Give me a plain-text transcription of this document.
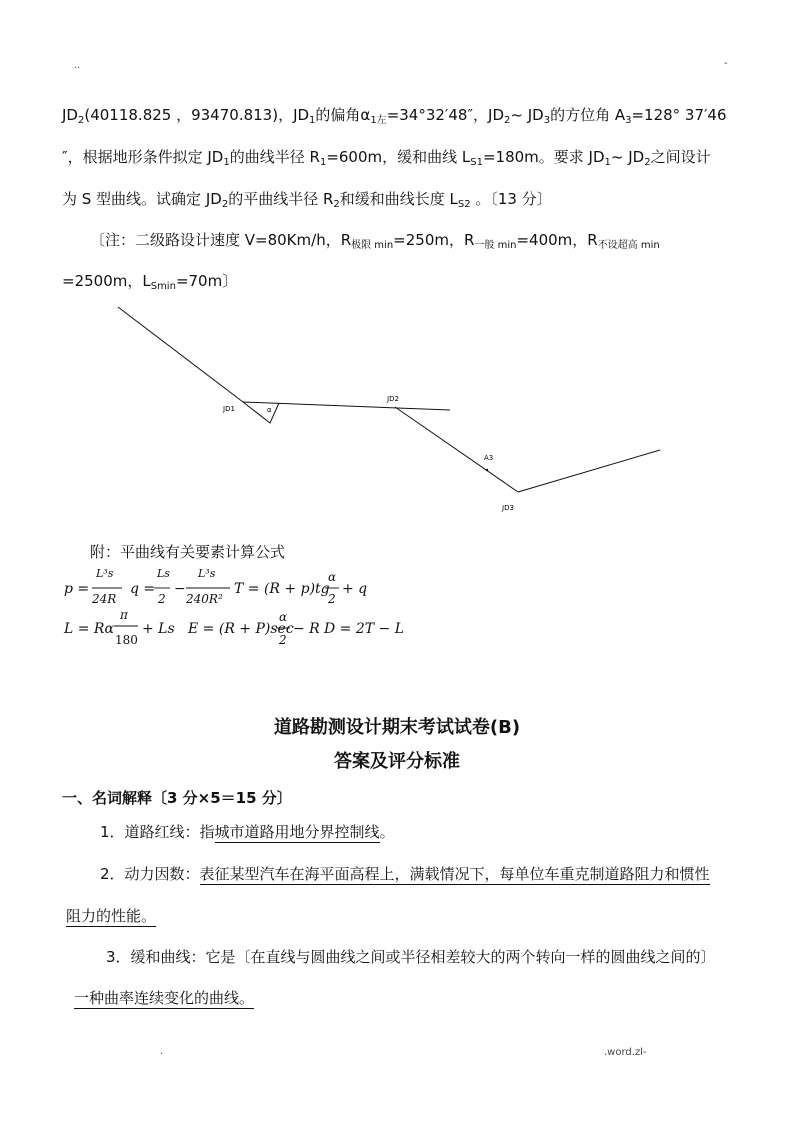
..	-
$JD_2(40118.825$ ，93470.813)，$JD_1$的偏角$\alpha_{1左}=34^\circ 32'48''$，$JD_2\sim$ $JD_3$的方位角 $A_3=128^\circ$ 37′46
″，根据地形条件拟定 $JD_1$的曲线半径 $R_1=600m$，缓和曲线 $L_{S1}=180m$。要求 $JD_1\sim$ $JD_2$之间设计
为 S 型曲线。试确定 $JD_2$的平曲线半径 $R_2$和缓和曲线长度 $L_{S2}$ 。〔13 分〕
〔注：二级路设计速度 V=80Km/h，$R_{极限 min}=250m$，$R_{一般 min}=400m$，$R_{不设超高 min}$
=2500m，$L_{Smin}=70m$〕
JD1
JD2
JD3
A3
α
附：平曲线有关要素计算公式
p =
L³s
24R
q =
Ls
2
−
L³s
240R²
T = (R + p)tg
α
2
+ q
L = Rα
π
180
+ Ls E = (R + P)sec
α
2
− R D = 2T − L
道路勘测设计期末考试试卷(B)
答案及评分标准
一、名词解释〔3 分×5＝15 分〕
1．道路红线：指城市道路用地分界控制线。
2．动力因数：表征某型汽车在海平面高程上，满载情况下，每单位车重克制道路阻力和惯性
阻力的性能。
3．缓和曲线：它是〔在直线与圆曲线之间或半径相差较大的两个转向一样的圆曲线之间的〕
一种曲率连续变化的曲线。
.	.word.zl-
